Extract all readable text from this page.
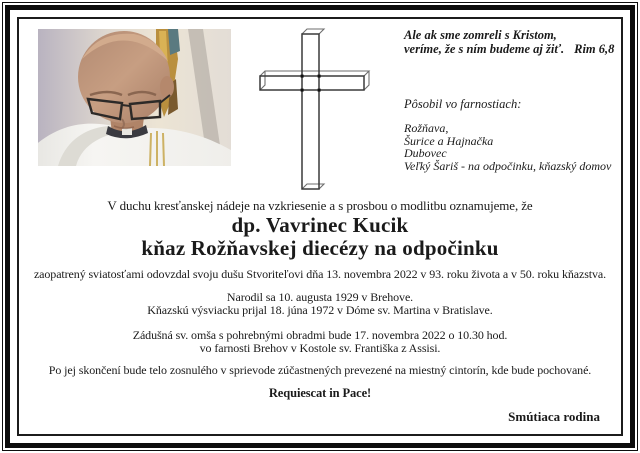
Ale ak sme zomreli s Kristom,
veríme, že s ním budeme aj žiť. Rim 6,8
Pôsobil vo farnostiach:
Rožňava,
Šurice a Hajnačka
Dubovec
Veľký Šariš - na odpočinku, kňazský domov
V duchu kresťanskej nádeje na vzkriesenie a s prosbou o modlitbu oznamujeme, že
dp. Vavrinec Kucik
kňaz Rožňavskej diecézy na odpočinku
zaopatrený sviatosťami odovzdal svoju dušu Stvoriteľovi dňa 13. novembra 2022 v 93. roku života a v 50. roku kňazstva.
Narodil sa 10. augusta 1929 v Brehove.
Kňazskú výsviacku prijal 18. júna 1972 v Dóme sv. Martina v Bratislave.
Zádušná sv. omša s pohrebnými obradmi bude 17. novembra 2022 o 10.30 hod.
vo farnosti Brehov v Kostole sv. Františka z Assisi.
Po jej skončení bude telo zosnulého v sprievode zúčastnených prevezené na miestný cintorín, kde bude pochované.
Requiescat in Pace!
Smútiaca rodina
